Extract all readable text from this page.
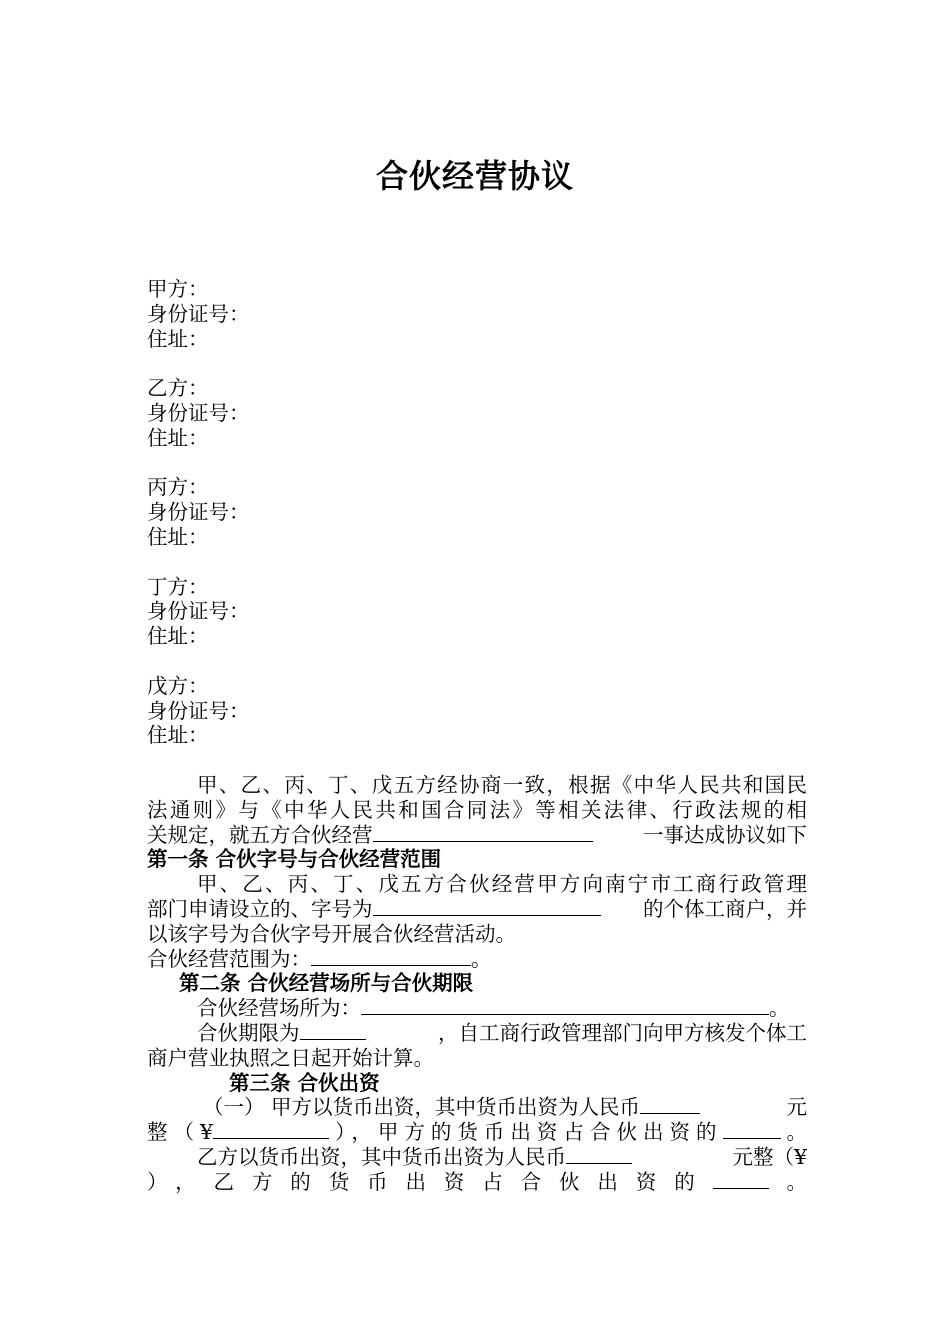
合伙经营协议
甲方：
身份证号：
住址：
乙方：
身份证号：
住址：
丙方：
身份证号：
住址：
丁方：
身份证号：
住址：
戊方：
身份证号：
住址：
甲、乙、丙、丁、戊五方经协商一致，根据《中华人民共和国民
法通则》与《中华人民共和国合同法》等相关法律、行政法规的相
关规定，就五方合伙经营	一事达成协议如下
第一条 合伙字号与合伙经营范围
甲、乙、丙、丁、戊五方合伙经营甲方向南宁市工商行政管理
部门申请设立的、字号为	的个体工商户，并
以该字号为合伙字号开展合伙经营活动。
合伙经营范围为：	。
第二条 合伙经营场所与合伙期限
合伙经营场所为：	。
合伙期限为	，自工商行政管理部门向甲方核发个体工
商户营业执照之日起开始计算。
第三条 合伙出资
（一） 甲方以货币出资，其中货币出资为人民币	元
整（¥	），甲方的货币出资占合伙出资的	。
乙方以货币出资，其中货币出资为人民币	元整（¥
），乙方的货币出资占合伙出资的	。
